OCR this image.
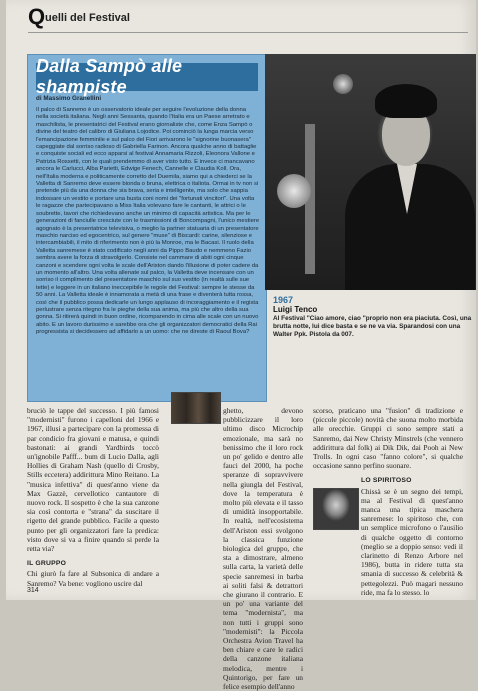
Q uelli del Festival
Dalla Sampò alle shampiste
di Massimo Granellini
Il palco di Sanremo è un osservatorio ideale per seguire l'evoluzione della donna nella società italiana. Negli anni Sessanta, quando l'Italia era un Paese arretrato e maschilista, le presentatrici del Festival erano giornaliste che, come Enza Sampò o divine del teatro del calibro di Giuliana Lojodice. Poi cominciò la lunga marcia verso l'emancipazione femminile e sul palco del Fiori arrivarono le "signorine buonasera" capeggiate dal sorriso radioso di Gabriella Farinon. Ancora qualche anno di battaglie e conquiste sociali ed ecco apparsi al festival Annamaria Rizzoli, Eleonora Vallone e Patrizia Rossetti, con le quali prendemmo di aver visto tutto. E invece ci mancavano ancora le Carlucci, Alba Parietti, Edwige Fenech, Cannelle e Claudia Koll. Ora, nell'Italia moderna e politicamente corretto del Duemila, siamo qui a chiederci se la Valletta di Sanremo deve essere bionda o bruna, elettrica o italiota. Ormai in tv non si pretende più da una donna che sia brava, seria e intelligente, ma solo che sappia indossare un vestito e portare una busta coni nomi dei "fortunati vincitori". Una volta le ragazze che partecipavano a Miss Italia volevano fare le cantanti, le attrici o le soubrette, tavori che richiedevano anche un minimo di capacità artistica. Ma per le generazioni di fanciulle cresciute con le trasmissioni di Boncompagni, l'unico mestiere agognato è la presentatrice televisiva, o meglio la partner statuaria di un presentatore maschio narciso ed egocentrico, sul genere "muse" di Biscardi: carine, silenziose e intercambiabili, il mito di riferimento non è più la Monroe, ma le Bacasi. Il ruolo della Valletta sanremese è stato codificato negli anni da Pippo Baudo e nemmeno Fazio sembra avere la forza di stravolgerlo. Consiste nel cammare di abiti ogni cinque canzoni e scendere ogni volta le scale dell'Ariston dando l'illusione di poter cadere da un momento all'altro. Una volta allenate sul palco, la Valletta deve incensare con un sorriso il complimento del presentatore maschio sul suo vestito (in realtà sulle sue tette) e leggere in un italiano ineccepibile le regole del Festival: sempre le stesse da 50 anni. La Valletta ideale è innamorata a metà di una frase e diventerà tutta rossa, così che il pubblico possa dedicarle un lungo applauso di incoraggiamento e il regista perlustrare senza ritegno fra le pieghe della sua anima, ma più che altro della sua gonna. Si ritirerà quindi in buon ordine, ricomparendo in cima alle scale con un nuovo abito. E un lavoro durissimo e sarebbe ora che gli organizzatori democratici della Rai progressista si decidessero ad affidarlo a un uomo: che ne direste di Raoul Bova?
1967
Luigi Tenco
Al Festival "Ciao amore, ciao "proprio non era piaciuta. Così, una brutta notte, lui dice basta e se ne va via. Sparandosi con una Walter Ppk. Pistola da 007.
bruciò le tappe del successo. I più famosi "modernisti" furono i capelloni del 1966 e 1967, illusi a partecipare con la promessa di par condicio fra giovani e matusa, e quindi bastonati: ai grandi Yardbirds toccò un'ignobile Pafff... bum di Lucio Dalla, agli Hollies di Graham Nash (quello di Crosby, Stills eccetera) addirittura Mino Reitano. La "musica infettiva" di quest'anno viene da Max Gazzè, cervellotico cantautore di nuovo rock. Il sospetto è che la sua canzone sia così contorta e "strana" da suscitare il rigetto del grande pubblico. Facile a questo punto per gli organizzatori fare la predica: visto dove si va a finire quando si perde la retta via?
IL GRUPPO
Chi giurò fa fare al Subsonica di andare a Sanremo? Va bene: vogliono uscire dal
ghetto, devono pubblicizzare il loro ultimo disco Microchip emozionale, ma sarà no benissimo che il loro rock un po' gelido e dentro alle fauci del 2000, ha poche speranze di sopravvivere nella giungla del Festival, dove la temperatura è molto più elevata e il tasso di umidità insopportabile. In realtà, nell'ecosistema dell'Ariston essi svolgono la classica funzione biologica del gruppo, che sta a dimostrare, almeno sulla carta, la varietà delle specie sanremesi in barba ai soliti falsi & detrattori che giurano il contrario. E un po' una variante del tema "modernista", ma non tutti i gruppi sono "modernisti": la Piccola Orchestra Avion Travel ha ben chiare e care le radici della canzone italiana melodica, mentre i Quintorigo, per fare un felice esempio dell'anno
scorso, praticano una "fusion" di tradizione e (piccole piccole) novità che suona molto morbida alle orecchie. Gruppi ci sono sempre stati a Sanremo, dai New Christy Minstrels (che vennero addirittura dal folk) ai Dik Dik, dai Pooh ai New Trolls. In ogni caso "fanno colore", si qualche occasione sanno perfino suonare.
LO SPIRITOSO
Chissà se è un segno dei tempi, ma al Festival di quest'anno manca una tipica maschera sanremese: lo spiritoso che, con un semplice microfono o l'ausilio di qualche oggetto di contorno (meglio se a doppio senso: vedi il clarinetto di Renzo Arbore nel 1986), butta in ridere tutta sta smania di successo & celebrità & pettegolezzi. Può magari nessuno ride, ma fa lo stesso. lo
314
